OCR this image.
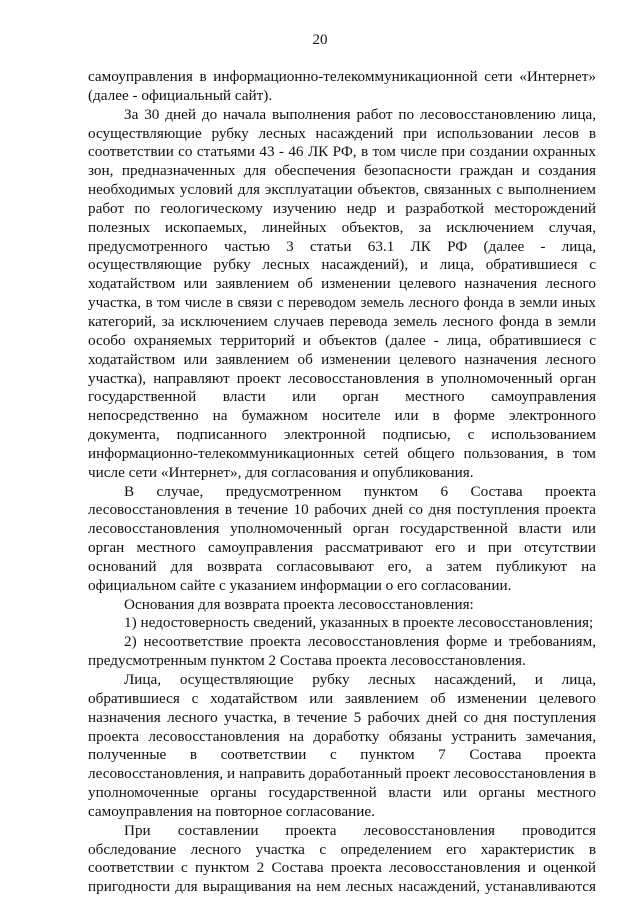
20
самоуправления в информационно-телекоммуникационной сети «Интернет»
(далее - официальный сайт).
За 30 дней до начала выполнения работ по лесовосстановлению лица,
осуществляющие рубку лесных насаждений при использовании лесов в
соответствии со статьями 43 - 46 ЛК РФ, в том числе при создании охранных
зон, предназначенных для обеспечения безопасности граждан и создания
необходимых условий для эксплуатации объектов, связанных с выполнением
работ по геологическому изучению недр и разработкой месторождений
полезных ископаемых, линейных объектов, за исключением случая,
предусмотренного частью 3 статьи 63.1 ЛК РФ (далее - лица,
осуществляющие рубку лесных насаждений), и лица, обратившиеся с
ходатайством или заявлением об изменении целевого назначения лесного
участка, в том числе в связи с переводом земель лесного фонда в земли иных
категорий, за исключением случаев перевода земель лесного фонда в земли
особо охраняемых территорий и объектов (далее - лица, обратившиеся с
ходатайством или заявлением об изменении целевого назначения лесного
участка), направляют проект лесовосстановления в уполномоченный орган
государственной власти или орган местного самоуправления
непосредственно на бумажном носителе или в форме электронного
документа, подписанного электронной подписью, с использованием
информационно-телекоммуникационных сетей общего пользования, в том
числе сети «Интернет», для согласования и опубликования.
В случае, предусмотренном пунктом 6 Состава проекта
лесовосстановления в течение 10 рабочих дней со дня поступления проекта
лесовосстановления уполномоченный орган государственной власти или
орган местного самоуправления рассматривают его и при отсутствии
оснований для возврата согласовывают его, а затем публикуют на
официальном сайте с указанием информации о его согласовании.
Основания для возврата проекта лесовосстановления:
1) недостоверность сведений, указанных в проекте лесовосстановления;
2) несоответствие проекта лесовосстановления форме и требованиям,
предусмотренным пунктом 2 Состава проекта лесовосстановления.
Лица, осуществляющие рубку лесных насаждений, и лица,
обратившиеся с ходатайством или заявлением об изменении целевого
назначения лесного участка, в течение 5 рабочих дней со дня поступления
проекта лесовосстановления на доработку обязаны устранить замечания,
полученные в соответствии с пунктом 7 Состава проекта
лесовосстановления, и направить доработанный проект лесовосстановления в
уполномоченные органы государственной власти или органы местного
самоуправления на повторное согласование.
При составлении проекта лесовосстановления проводится
обследование лесного участка с определением его характеристик в
соответствии с пунктом 2 Состава проекта лесовосстановления и оценкой
пригодности для выращивания на нем лесных насаждений, устанавливаются
